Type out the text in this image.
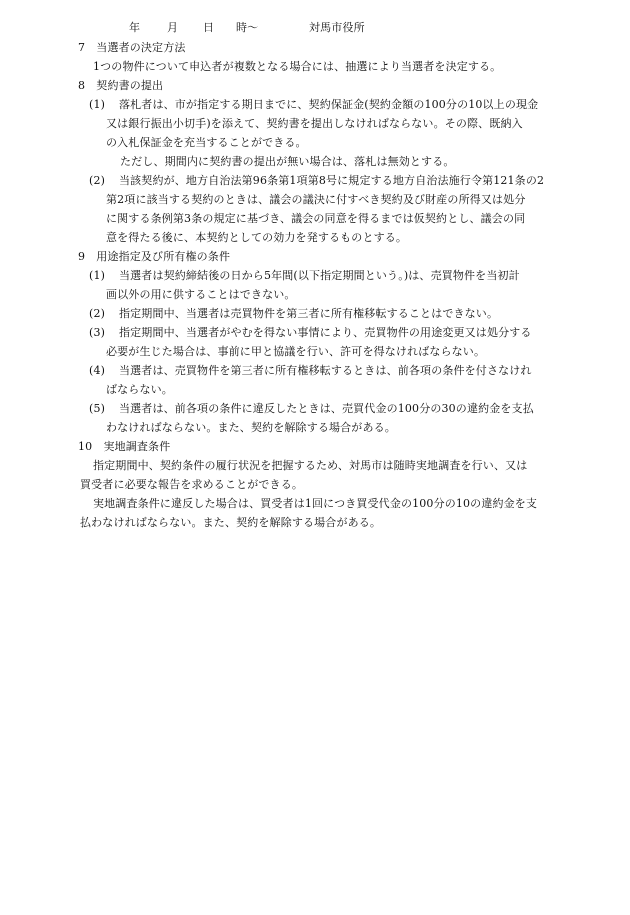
年 月 日 時〜	対馬市役所
7　当選者の決定方法
1つの物件について申込者が複数となる場合には、抽選により当選者を決定する。
8　契約書の提出
(1) 落札者は、市が指定する期日までに、契約保証金(契約金額の100分の10以上の現金
又は銀行振出小切手)を添えて、契約書を提出しなければならない。その際、既納入
の入札保証金を充当することができる。
ただし、期間内に契約書の提出が無い場合は、落札は無効とする。
(2) 当該契約が、地方自治法第96条第1項第8号に規定する地方自治法施行令第121条の2
第2項に該当する契約のときは、議会の議決に付すべき契約及び財産の所得又は処分
に関する条例第3条の規定に基づき、議会の同意を得るまでは仮契約とし、議会の同
意を得たる後に、本契約としての効力を発するものとする。
9　用途指定及び所有権の条件
(1) 当選者は契約締結後の日から5年間(以下指定期間という。)は、売買物件を当初計
画以外の用に供することはできない。
(2) 指定期間中、当選者は売買物件を第三者に所有権移転することはできない。
(3) 指定期間中、当選者がやむを得ない事情により、売買物件の用途変更又は処分する
必要が生じた場合は、事前に甲と協議を行い、許可を得なければならない。
(4) 当選者は、売買物件を第三者に所有権移転するときは、前各項の条件を付さなけれ
ばならない。
(5) 当選者は、前各項の条件に違反したときは、売買代金の100分の30の違約金を支払
わなければならない。また、契約を解除する場合がある。
10　実地調査条件
指定期間中、契約条件の履行状況を把握するため、対馬市は随時実地調査を行い、又は
買受者に必要な報告を求めることができる。
実地調査条件に違反した場合は、買受者は1回につき買受代金の100分の10の違約金を支
払わなければならない。また、契約を解除する場合がある。
